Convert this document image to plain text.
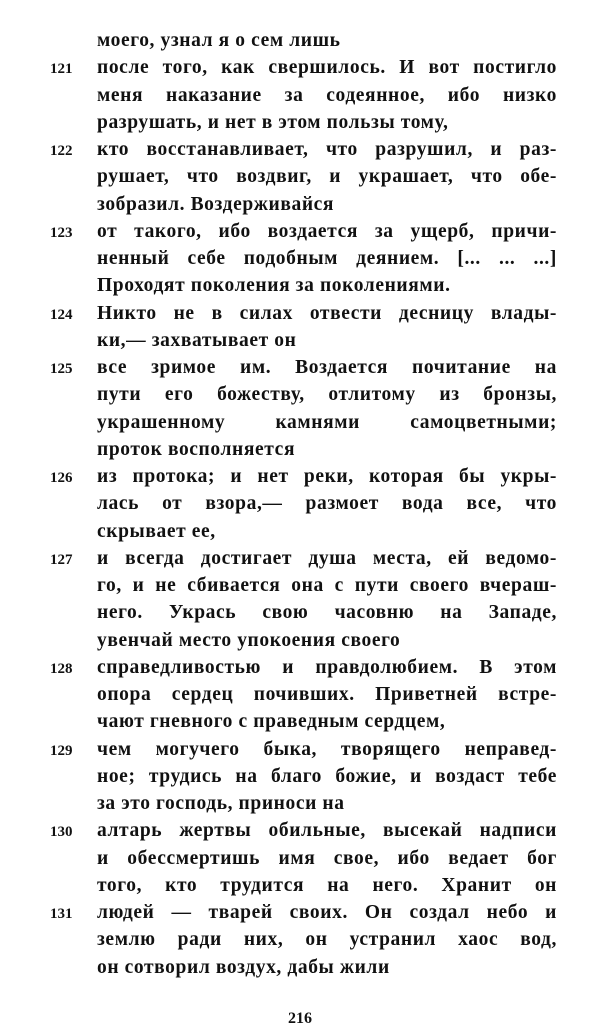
моего, узнал я о сем лишь
121	после того, как свершилось. И вот постигло
меня наказание за содеянное, ибо низко
разрушать, и нет в этом пользы тому,
122	кто восстанавливает, что разрушил, и раз-
рушает, что воздвиг, и украшает, что обе-
зобразил. Воздерживайся
123	от такого, ибо воздается за ущерб, причи-
ненный себе подобным деянием. [... ... ...]
Проходят поколения за поколениями.
124	Никто не в силах отвести десницу влады-
ки,— захватывает он
125	все зримое им. Воздается почитание на
пути его божеству, отлитому из бронзы,
украшенному камнями самоцветными;
проток восполняется
126	из протока; и нет реки, которая бы укры-
лась от взора,— размоет вода все, что
скрывает ее,
127	и всегда достигает душа места, ей ведомо-
го, и не сбивается она с пути своего вчераш-
него. Укрась свою часовню на Западе,
увенчай место упокоения своего
128	справедливостью и правдолюбием. В этом
опора сердец почивших. Приветней встре-
чают гневного с праведным сердцем,
129	чем могучего быка, творящего неправед-
ное; трудись на благо божие, и воздаст тебе
за это господь, приноси на
130	алтарь жертвы обильные, высекай надписи
и обессмертишь имя свое, ибо ведает бог
того, кто трудится на него. Хранит он
131	людей — тварей своих. Он создал небо и
землю ради них, он устранил хаос вод,
он сотворил воздух, дабы жили
216
